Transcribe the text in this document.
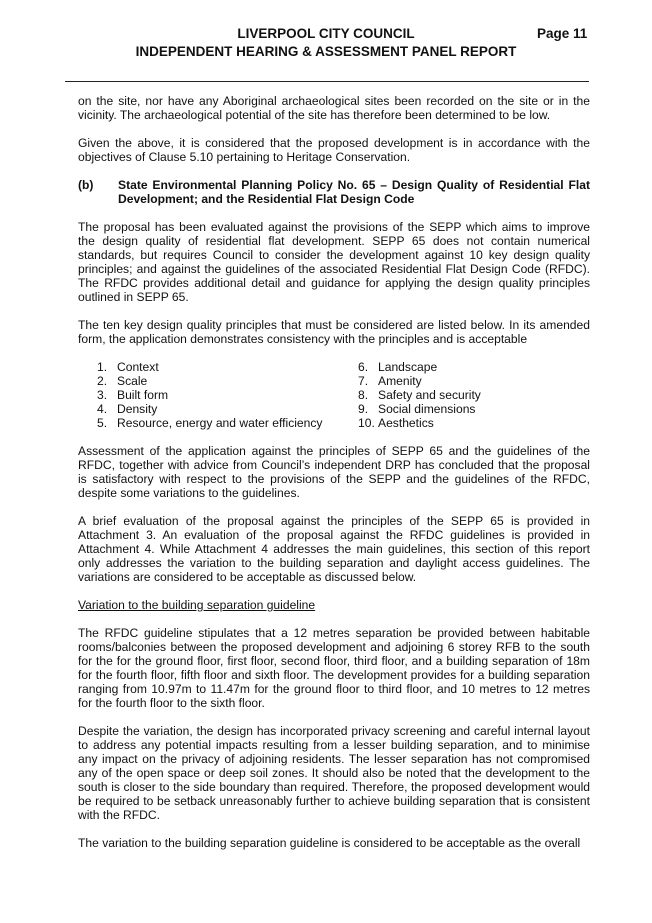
LIVERPOOL CITY COUNCIL	Page 11
INDEPENDENT HEARING & ASSESSMENT PANEL REPORT

on the site, nor have any Aboriginal archaeological sites been recorded on the site or in the vicinity. The archaeological potential of the site has therefore been determined to be low.

Given the above, it is considered that the proposed development is in accordance with the objectives of Clause 5.10 pertaining to Heritage Conservation.

(b)	State Environmental Planning Policy No. 65 – Design Quality of Residential Flat Development; and the Residential Flat Design Code

The proposal has been evaluated against the provisions of the SEPP which aims to improve the design quality of residential flat development. SEPP 65 does not contain numerical standards, but requires Council to consider the development against 10 key design quality principles; and against the guidelines of the associated Residential Flat Design Code (RFDC). The RFDC provides additional detail and guidance for applying the design quality principles outlined in SEPP 65.

The ten key design quality principles that must be considered are listed below. In its amended form, the application demonstrates consistency with the principles and is acceptable

1. Context
2. Scale
3. Built form
4. Density
5. Resource, energy and water efficiency
6. Landscape
7. Amenity
8. Safety and security
9. Social dimensions
10. Aesthetics

Assessment of the application against the principles of SEPP 65 and the guidelines of the RFDC, together with advice from Council’s independent DRP has concluded that the proposal is satisfactory with respect to the provisions of the SEPP and the guidelines of the RFDC, despite some variations to the guidelines.

A brief evaluation of the proposal against the principles of the SEPP 65 is provided in Attachment 3. An evaluation of the proposal against the RFDC guidelines is provided in Attachment 4. While Attachment 4 addresses the main guidelines, this section of this report only addresses the variation to the building separation and daylight access guidelines. The variations are considered to be acceptable as discussed below.

Variation to the building separation guideline

The RFDC guideline stipulates that a 12 metres separation be provided between habitable rooms/balconies between the proposed development and adjoining 6 storey RFB to the south for the for the ground floor, first floor, second floor, third floor, and a building separation of 18m for the fourth floor, fifth floor and sixth floor. The development provides for a building separation ranging from 10.97m to 11.47m for the ground floor to third floor, and 10 metres to 12 metres for the fourth floor to the sixth floor.

Despite the variation, the design has incorporated privacy screening and careful internal layout to address any potential impacts resulting from a lesser building separation, and to minimise any impact on the privacy of adjoining residents. The lesser separation has not compromised any of the open space or deep soil zones. It should also be noted that the development to the south is closer to the side boundary than required. Therefore, the proposed development would be required to be setback unreasonably further to achieve building separation that is consistent with the RFDC.

The variation to the building separation guideline is considered to be acceptable as the overall
